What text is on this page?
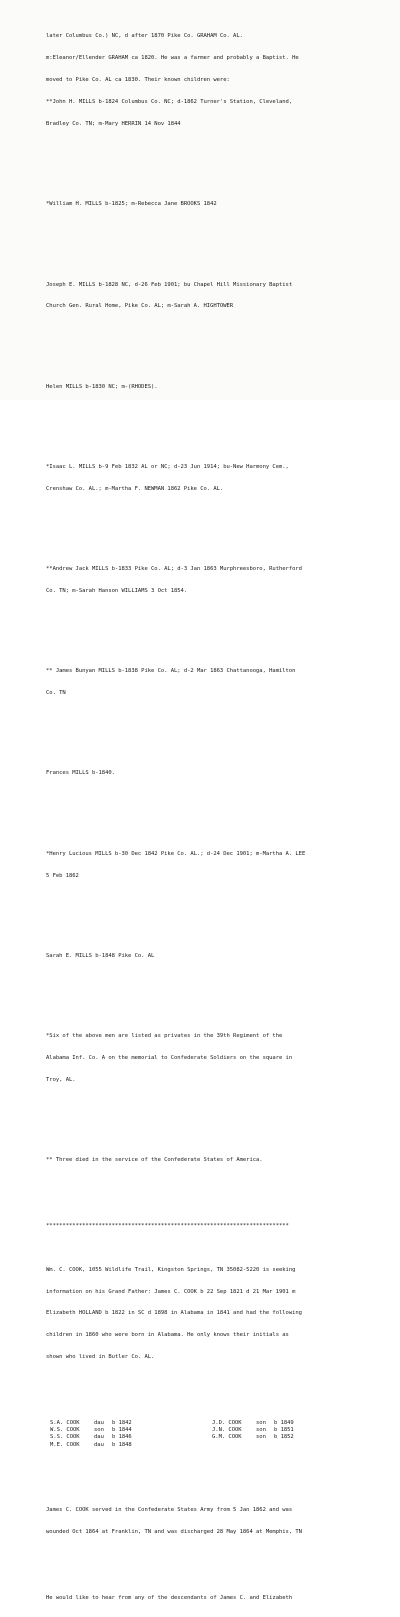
later Columbus Co.) NC, d after 1870 Pike Co. GRAHAM Co. AL.

m:Eleanor/Ellender GRAHAM ca 1820. He was a farmer and probably a Baptist. He

moved to Pike Co. AL ca 1830. Their known children were:

**John H. MILLS b-1824 Columbus Co. NC; d-1862 Turner's Station, Cleveland,

Bradley Co. TN; m-Mary HERRIN 14 Nov 1844

*William H. MILLS b-1825; m-Rebecca Jane BROOKS 1842

Joseph E. MILLS b-1828 NC, d-26 Feb 1901; bu Chapel Hill Missionary Baptist

Church Gen. Rural Home, Pike Co. AL; m-Sarah A. HIGHTOWER

Helen MILLS b-1830 NC; m-(RHODES).

*Isaac L. MILLS b-9 Feb 1832 AL or NC; d-23 Jun 1914; bu-New Harmony Cem.,

Crenshaw Co. AL.; m-Martha F. NEWMAN 1862 Pike Co. AL.

**Andrew Jack MILLS b-1833 Pike Co. AL; d-3 Jan 1863 Murphreesboro, Rutherford

Co. TN; m-Sarah Hanson WILLIAMS 3 Oct 1854.

** James Bunyan MILLS b-1838 Pike Co. AL; d-2 Mar 1863 Chattanooga, Hamilton

Co. TN

Frances MILLS b-1840.

*Henry Lucious MILLS b-30 Dec 1842 Pike Co. AL.; d-24 Dec 1901; m-Martha A. LEE

5 Feb 1862

Sarah E. MILLS b-1848 Pike Co. AL

*Six of the above men are listed as privates in the 39th Regiment of the

Alabama Inf. Co. A on the memorial to Confederate Soldiers on the square in

Troy, AL.

** Three died in the service of the Confederate States of America.

**************************************************************************

Wm. C. COOK, 1055 Wildlife Trail, Kingston Springs, TN 35082-5220 is seeking

information on his Grand Father: James C. COOK b 22 Sep 1821 d 21 Mar 1901 m

Elizabeth HOLLAND b 1822 in SC d 1898 in Alabama in 1841 and had the following

children in 1860 who were born in Alabama. He only knows their initials as

shown who lived in Butler Co. AL.

S.A. COOK	dau	b 1842	J.D. COOK	son	b 1849
W.S. COOK	son	b 1844	J.N. COOK	son	b 1851
S.S. COOK	dau	b 1846	G.M. COOK	son	b 1852
M.E. COOK	dau	b 1848			

James C. COOK served in the Confederate States Army from 5 Jan 1862 and was

wounded Oct 1864 at Franklin, TN and was discharged 28 May 1864 at Memphis, TN

He would like to hear from any of the descendants of James C. and Elizabeth
